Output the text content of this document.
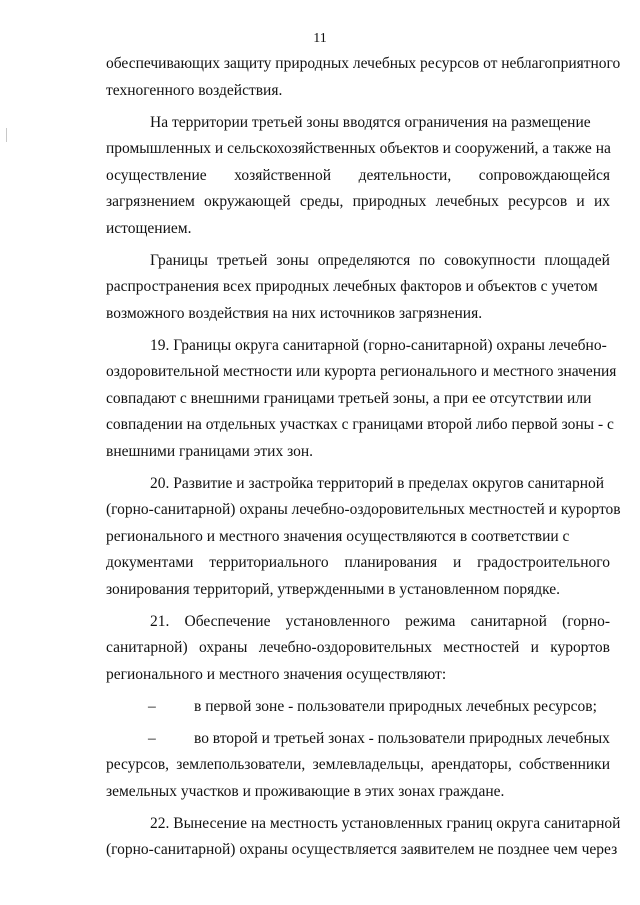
11
обеспечивающих защиту природных лечебных ресурсов от неблагоприятного
техногенного воздействия.
На территории третьей зоны вводятся ограничения на размещение
промышленных и сельскохозяйственных объектов и сооружений, а также на
осуществление хозяйственной деятельности, сопровождающейся
загрязнением окружающей среды, природных лечебных ресурсов и их
истощением.
Границы третьей зоны определяются по совокупности площадей
распространения всех природных лечебных факторов и объектов с учетом
возможного воздействия на них источников загрязнения.
19. Границы округа санитарной (горно-санитарной) охраны лечебно-
оздоровительной местности или курорта регионального и местного значения
совпадают с внешними границами третьей зоны, а при ее отсутствии или
совпадении на отдельных участках с границами второй либо первой зоны - с
внешними границами этих зон.
20. Развитие и застройка территорий в пределах округов санитарной
(горно-санитарной) охраны лечебно-оздоровительных местностей и курортов
регионального и местного значения осуществляются в соответствии с
документами территориального планирования и градостроительного
зонирования территорий, утвержденными в установленном порядке.
21. Обеспечение установленного режима санитарной (горно-
санитарной) охраны лечебно-оздоровительных местностей и курортов
регионального и местного значения осуществляют:
–	в первой зоне - пользователи природных лечебных ресурсов;
–	во второй и третьей зонах - пользователи природных лечебных
ресурсов, землепользователи, землевладельцы, арендаторы, собственники
земельных участков и проживающие в этих зонах граждане.
22. Вынесение на местность установленных границ округа санитарной
(горно-санитарной) охраны осуществляется заявителем не позднее чем через
